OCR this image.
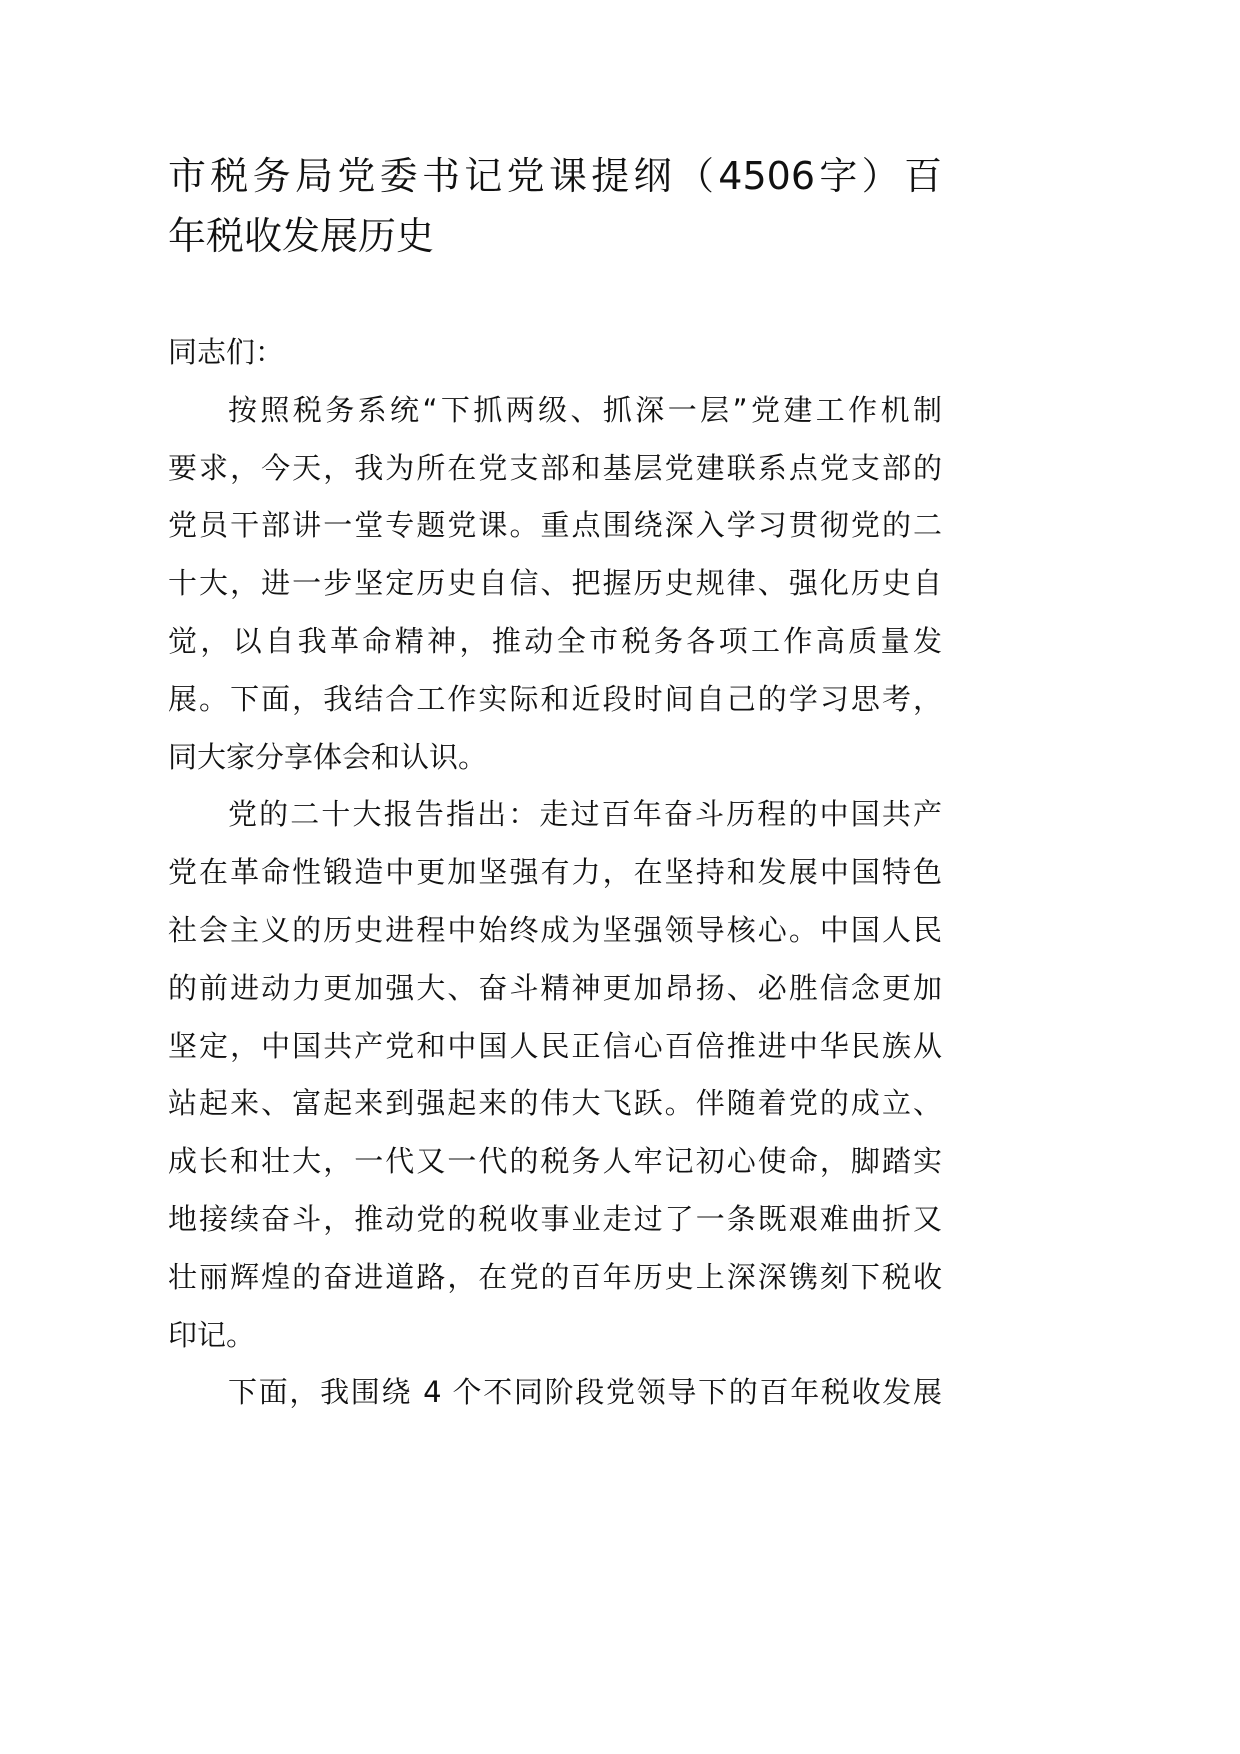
市税务局党委书记党课提纲（4506字）百
年税收发展历史
同志们：
按照税务系统“下抓两级、抓深一层”党建工作机制
要求，今天，我为所在党支部和基层党建联系点党支部的
党员干部讲一堂专题党课。重点围绕深入学习贯彻党的二
十大，进一步坚定历史自信、把握历史规律、强化历史自
觉，以自我革命精神，推动全市税务各项工作高质量发
展。下面，我结合工作实际和近段时间自己的学习思考，
同大家分享体会和认识。
党的二十大报告指出：走过百年奋斗历程的中国共产
党在革命性锻造中更加坚强有力，在坚持和发展中国特色
社会主义的历史进程中始终成为坚强领导核心。中国人民
的前进动力更加强大、奋斗精神更加昂扬、必胜信念更加
坚定，中国共产党和中国人民正信心百倍推进中华民族从
站起来、富起来到强起来的伟大飞跃。伴随着党的成立、
成长和壮大，一代又一代的税务人牢记初心使命，脚踏实
地接续奋斗，推动党的税收事业走过了一条既艰难曲折又
壮丽辉煌的奋进道路，在党的百年历史上深深镌刻下税收
印记。
下面，我围绕 4 个不同阶段党领导下的百年税收发展
